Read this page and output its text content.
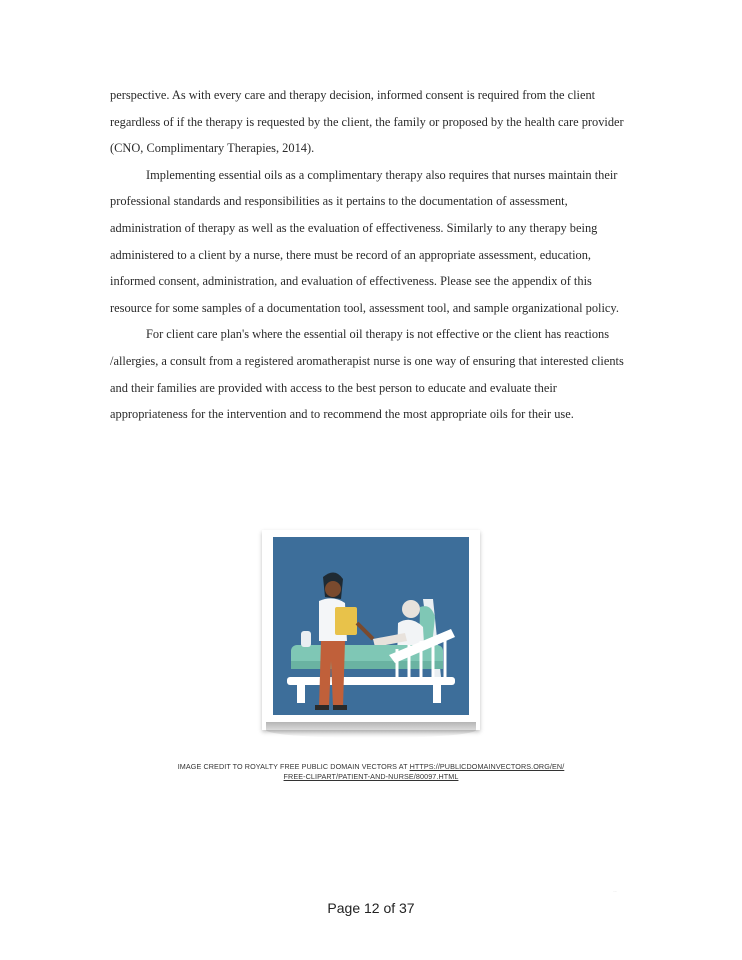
perspective. As with every care and therapy decision, informed consent is required from the client regardless of if the therapy is requested by the client, the family or proposed by the health care provider (CNO, Complimentary Therapies, 2014).

Implementing essential oils as a complimentary therapy also requires that nurses maintain their professional standards and responsibilities as it pertains to the documentation of assessment, administration of therapy as well as the evaluation of effectiveness. Similarly to any therapy being administered to a client by a nurse, there must be record of an appropriate assessment, education, informed consent, administration, and evaluation of effectiveness. Please see the appendix of this resource for some samples of a documentation tool, assessment tool, and sample organizational policy.

For client care plan's where the essential oil therapy is not effective or the client has reactions /allergies, a consult from a registered aromatherapist nurse is one way of ensuring that interested clients and their families are provided with access to the best person to educate and evaluate their appropriateness for the intervention and to recommend the most appropriate oils for their use.

IMAGE CREDIT TO ROYALTY FREE PUBLIC DOMAIN VECTORS AT HTTPS://PUBLICDOMAINVECTORS.ORG/EN/
FREE-CLIPART/PATIENT-AND-NURSE/80097.HTML
...
Page 12 of 37
